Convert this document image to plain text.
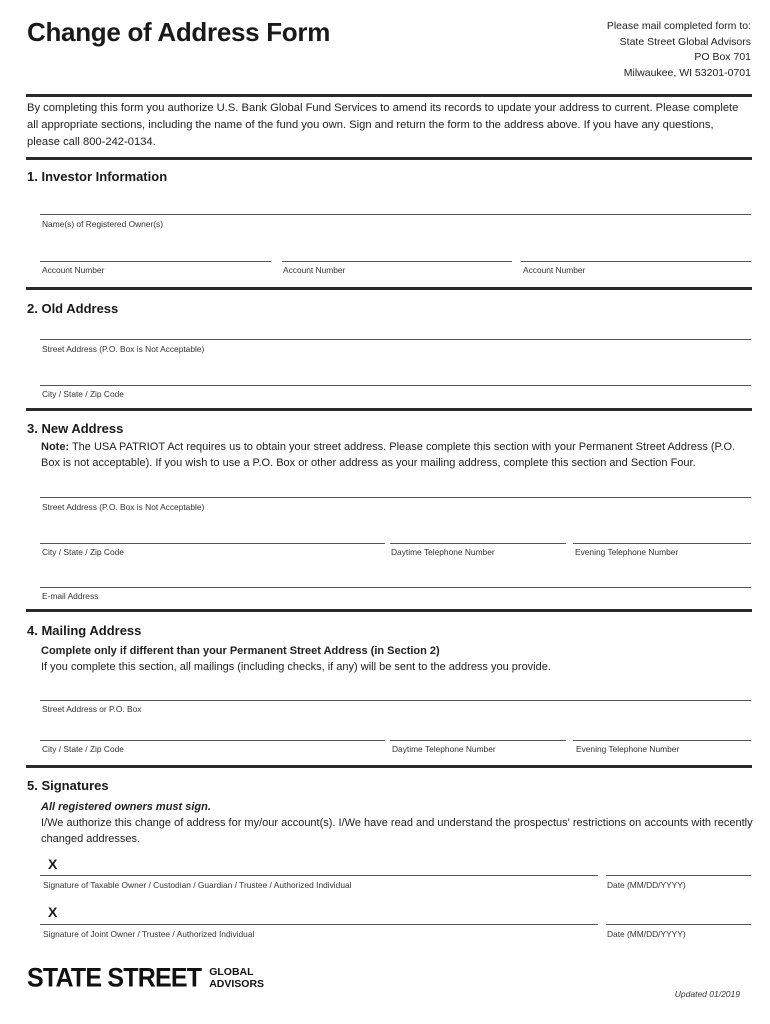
Change of Address Form	Please mail completed form to:
State Street Global Advisors
PO Box 701
Milwaukee, WI 53201-0701
By completing this form you authorize U.S. Bank Global Fund Services to amend its records to update your address to current. Please complete all appropriate sections, including the name of the fund you own. Sign and return the form to the address above. If you have any questions, please call 800-242-0134.
1. Investor Information
Name(s) of Registered Owner(s)
Account Number	Account Number	Account Number
2. Old Address
Street Address (P.O. Box is Not Acceptable)
City / State / Zip Code
3. New Address
Note: The USA PATRIOT Act requires us to obtain your street address. Please complete this section with your Permanent Street Address (P.O. Box is not acceptable). If you wish to use a P.O. Box or other address as your mailing address, complete this section and Section Four.
Street Address (P.O. Box is Not Acceptable)
City / State / Zip Code	Daytime Telephone Number	Evening Telephone Number
E-mail Address
4. Mailing Address
Complete only if different than your Permanent Street Address (in Section 2)
If you complete this section, all mailings (including checks, if any) will be sent to the address you provide.
Street Address or P.O. Box
City / State / Zip Code	Daytime Telephone Number	Evening Telephone Number
5. Signatures
All registered owners must sign.
I/We authorize this change of address for my/our account(s). I/We have read and understand the prospectus' restrictions on accounts with recently changed addresses.
X
Signature of Taxable Owner / Custodian / Guardian / Trustee / Authorized Individual	Date (MM/DD/YYYY)
X
Signature of Joint Owner / Trustee / Authorized Individual	Date (MM/DD/YYYY)
STATE STREET GLOBAL
ADVISORS
Updated 01/2019
